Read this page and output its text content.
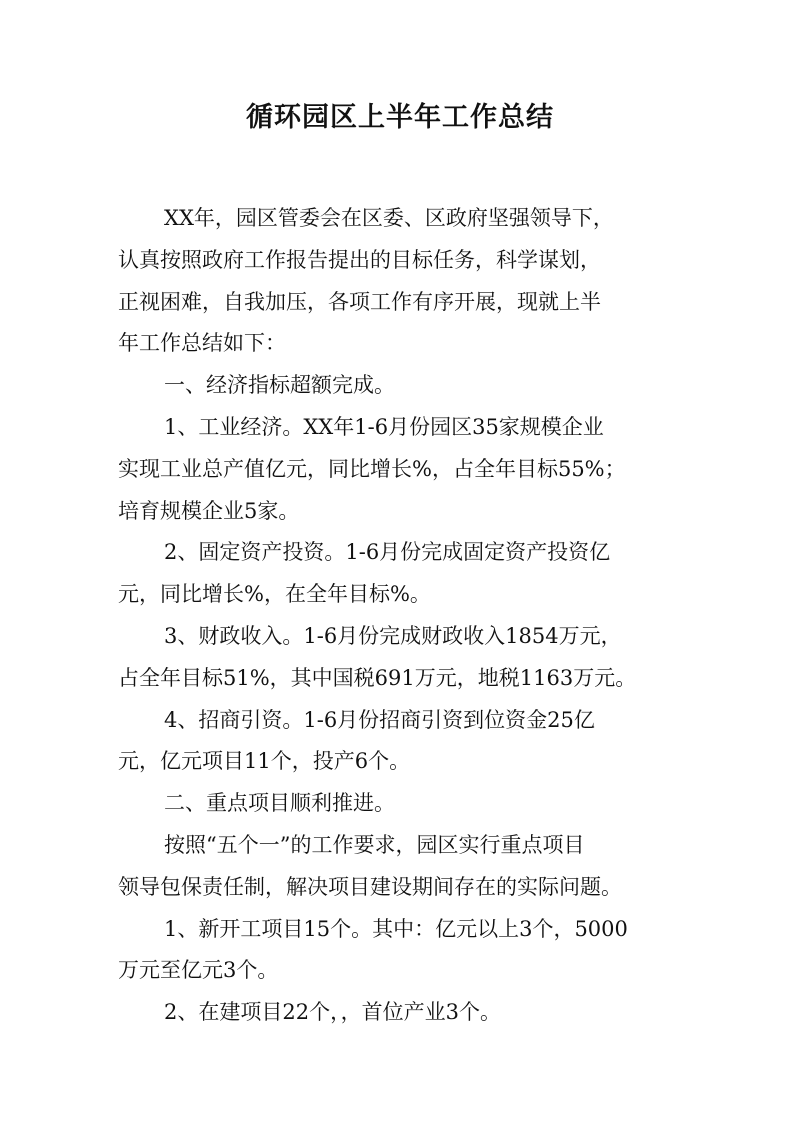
循环园区上半年工作总结
XX年，园区管委会在区委、区政府坚强领导下，
认真按照政府工作报告提出的目标任务，科学谋划，
正视困难，自我加压，各项工作有序开展，现就上半
年工作总结如下：
一、经济指标超额完成。
1、工业经济。XX年1-6月份园区35家规模企业
实现工业总产值亿元，同比增长%，占全年目标55%；
培育规模企业5家。
2、固定资产投资。1-6月份完成固定资产投资亿
元，同比增长%，在全年目标%。
3、财政收入。1-6月份完成财政收入1854万元，
占全年目标51%，其中国税691万元，地税1163万元。
4、招商引资。1-6月份招商引资到位资金25亿
元，亿元项目11个，投产6个。
二、重点项目顺利推进。
按照“五个一”的工作要求，园区实行重点项目
领导包保责任制，解决项目建设期间存在的实际问题。
1、新开工项目15个。其中：亿元以上3个，5000
万元至亿元3个。
2、在建项目22个，，首位产业3个。
